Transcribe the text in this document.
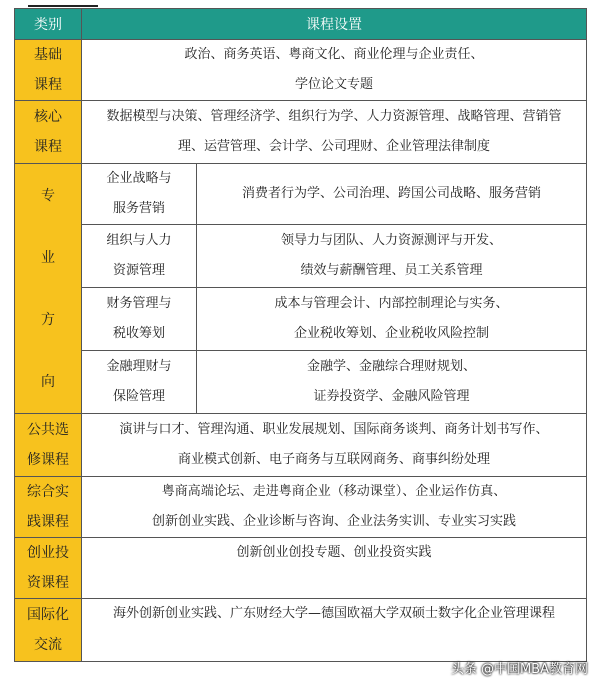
类别	课程设置	

基础
课程	政治、商务英语、粤商文化、商业伦理与企业责任、
学位论文专题	

核心
课程	数据模型与决策、管理经济学、组织行为学、人力资源管理、战略管理、营销管
理、运营管理、会计学、公司理财、企业管理法律制度	

专
业
方
向	企业战略与
服务营销	消费者行为学、公司治理、跨国公司战略、服务营销

	组织与人力
资源管理	领导力与团队、人力资源测评与开发、
绩效与薪酬管理、员工关系管理

	财务管理与
税收筹划	成本与管理会计、内部控制理论与实务、
企业税收筹划、企业税收风险控制

	金融理财与
保险管理	金融学、金融综合理财规划、
证券投资学、金融风险管理

公共选
修课程	演讲与口才、管理沟通、职业发展规划、国际商务谈判、商务计划书写作、
商业模式创新、电子商务与互联网商务、商事纠纷处理	

综合实
践课程	粤商高端论坛、走进粤商企业（移动课堂）、企业运作仿真、
创新创业实践、企业诊断与咨询、企业法务实训、专业实习实践	

创业投
资课程	创新创业创投专题、创业投资实践	

国际化
交流	海外创新创业实践、广东财经大学—德国欧福大学双硕士数字化企业管理课程	
头条 @中国MBA教育网
